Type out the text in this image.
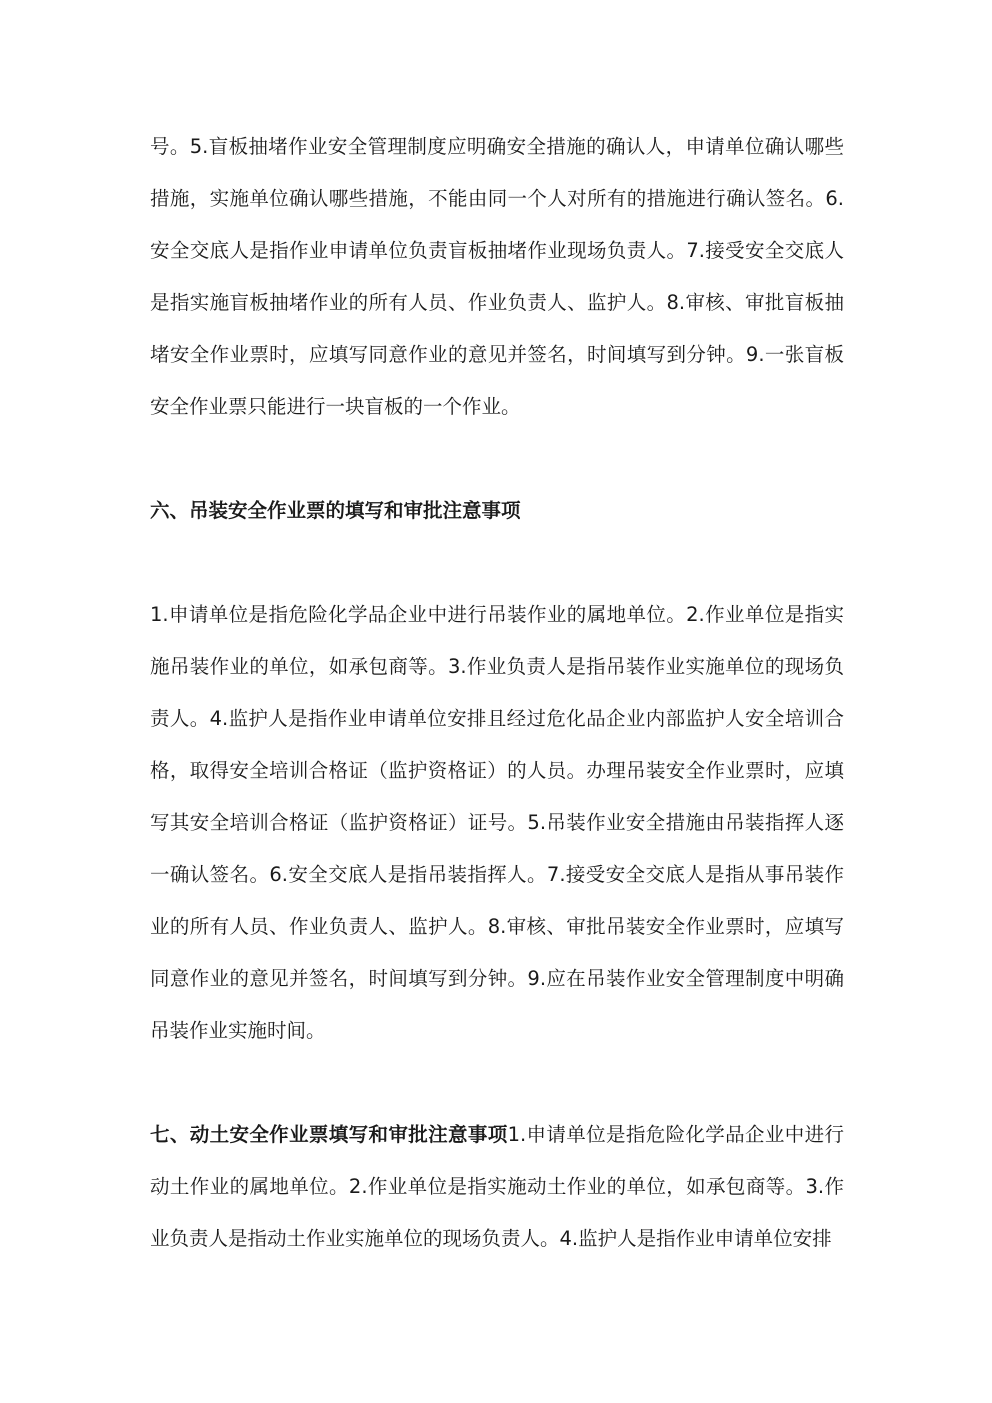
号。5.盲板抽堵作业安全管理制度应明确安全措施的确认人，申请单位确认哪些措施，实施单位确认哪些措施，不能由同一个人对所有的措施进行确认签名。6.安全交底人是指作业申请单位负责盲板抽堵作业现场负责人。7.接受安全交底人是指实施盲板抽堵作业的所有人员、作业负责人、监护人。8.审核、审批盲板抽堵安全作业票时，应填写同意作业的意见并签名，时间填写到分钟。9.一张盲板安全作业票只能进行一块盲板的一个作业。

六、吊装安全作业票的填写和审批注意事项

1.申请单位是指危险化学品企业中进行吊装作业的属地单位。2.作业单位是指实施吊装作业的单位，如承包商等。3.作业负责人是指吊装作业实施单位的现场负责人。4.监护人是指作业申请单位安排且经过危化品企业内部监护人安全培训合格，取得安全培训合格证（监护资格证）的人员。办理吊装安全作业票时，应填写其安全培训合格证（监护资格证）证号。5.吊装作业安全措施由吊装指挥人逐一确认签名。6.安全交底人是指吊装指挥人。7.接受安全交底人是指从事吊装作业的所有人员、作业负责人、监护人。8.审核、审批吊装安全作业票时，应填写同意作业的意见并签名，时间填写到分钟。9.应在吊装作业安全管理制度中明确吊装作业实施时间。

七、动土安全作业票填写和审批注意事项1.申请单位是指危险化学品企业中进行动土作业的属地单位。2.作业单位是指实施动土作业的单位，如承包商等。3.作业负责人是指动土作业实施单位的现场负责人。4.监护人是指作业申请单位安排
